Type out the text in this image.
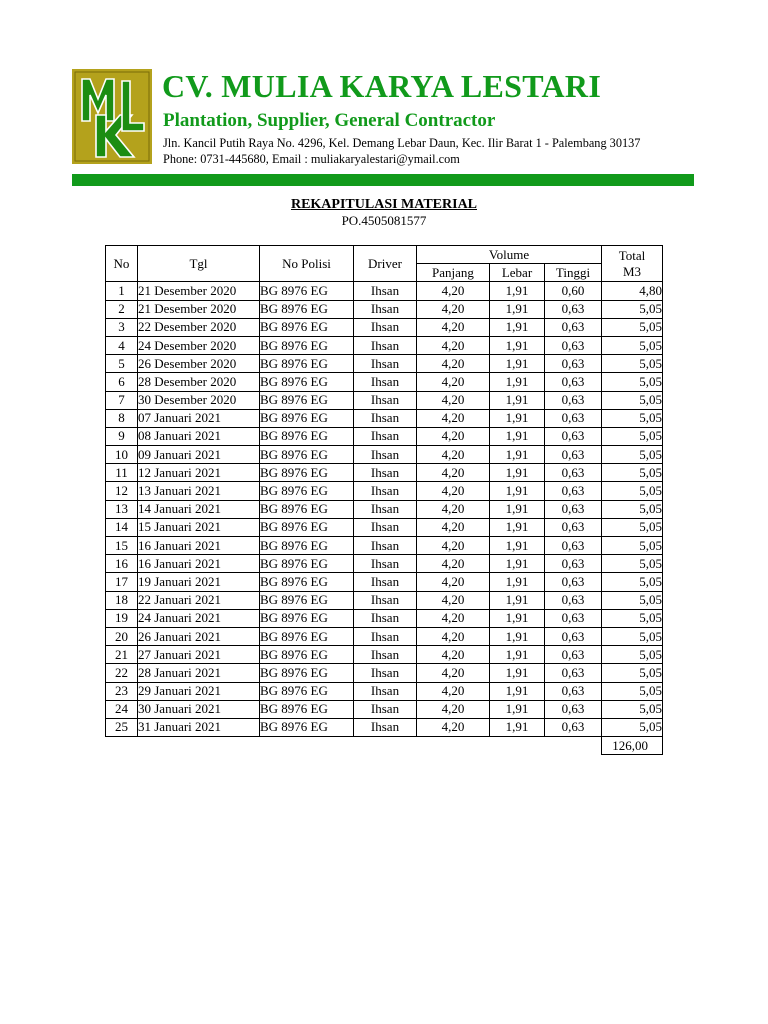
CV. MULIA KARYA LESTARI
Plantation, Supplier, General Contractor
Jln. Kancil Putih Raya No. 4296, Kel. Demang Lebar Daun, Kec. Ilir Barat 1 - Palembang 30137
Phone: 0731-445680, Email : muliakaryalestari@ymail.com
REKAPITULASI MATERIAL
PO.4505081577
No	Tgl	No Polisi	Driver	Volume			Total
M3
				Panjang	Lebar	Tinggi	
1	21 Desember 2020	BG 8976 EG	Ihsan	4,20	1,91	0,60	4,80
2	21 Desember 2020	BG 8976 EG	Ihsan	4,20	1,91	0,63	5,05
3	22 Desember 2020	BG 8976 EG	Ihsan	4,20	1,91	0,63	5,05
4	24 Desember 2020	BG 8976 EG	Ihsan	4,20	1,91	0,63	5,05
5	26 Desember 2020	BG 8976 EG	Ihsan	4,20	1,91	0,63	5,05
6	28 Desember 2020	BG 8976 EG	Ihsan	4,20	1,91	0,63	5,05
7	30 Desember 2020	BG 8976 EG	Ihsan	4,20	1,91	0,63	5,05
8	07 Januari 2021	BG 8976 EG	Ihsan	4,20	1,91	0,63	5,05
9	08 Januari 2021	BG 8976 EG	Ihsan	4,20	1,91	0,63	5,05
10	09 Januari 2021	BG 8976 EG	Ihsan	4,20	1,91	0,63	5,05
11	12 Januari 2021	BG 8976 EG	Ihsan	4,20	1,91	0,63	5,05
12	13 Januari 2021	BG 8976 EG	Ihsan	4,20	1,91	0,63	5,05
13	14 Januari 2021	BG 8976 EG	Ihsan	4,20	1,91	0,63	5,05
14	15 Januari 2021	BG 8976 EG	Ihsan	4,20	1,91	0,63	5,05
15	16 Januari 2021	BG 8976 EG	Ihsan	4,20	1,91	0,63	5,05
16	16 Januari 2021	BG 8976 EG	Ihsan	4,20	1,91	0,63	5,05
17	19 Januari 2021	BG 8976 EG	Ihsan	4,20	1,91	0,63	5,05
18	22 Januari 2021	BG 8976 EG	Ihsan	4,20	1,91	0,63	5,05
19	24 Januari 2021	BG 8976 EG	Ihsan	4,20	1,91	0,63	5,05
20	26 Januari 2021	BG 8976 EG	Ihsan	4,20	1,91	0,63	5,05
21	27 Januari 2021	BG 8976 EG	Ihsan	4,20	1,91	0,63	5,05
22	28 Januari 2021	BG 8976 EG	Ihsan	4,20	1,91	0,63	5,05
23	29 Januari 2021	BG 8976 EG	Ihsan	4,20	1,91	0,63	5,05
24	30 Januari 2021	BG 8976 EG	Ihsan	4,20	1,91	0,63	5,05
25	31 Januari 2021	BG 8976 EG	Ihsan	4,20	1,91	0,63	5,05
							126,00
